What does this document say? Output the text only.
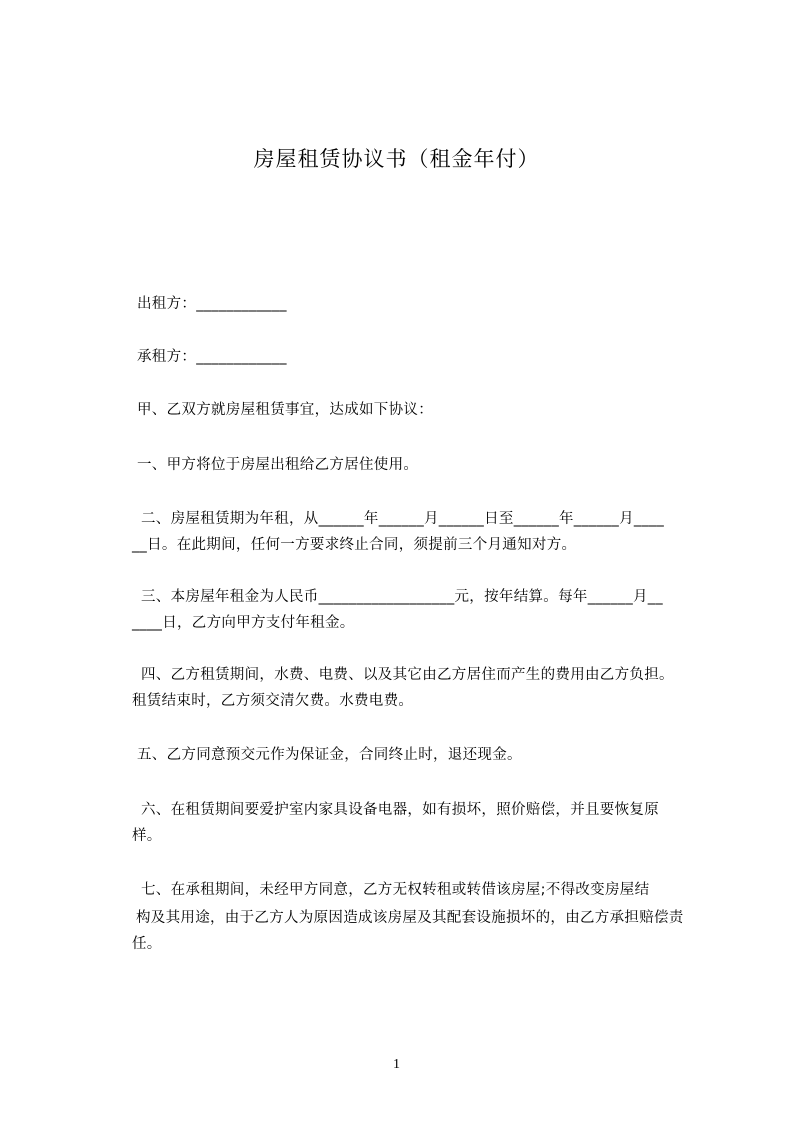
房屋租赁协议书（租金年付）
出租方：____________
承租方：____________
甲、乙双方就房屋租赁事宜，达成如下协议：
一、甲方将位于房屋出租给乙方居住使用。
二、房屋租赁期为年租，从______年______月______日至______年______月____
__日。在此期间，任何一方要求终止合同，须提前三个月通知对方。
三、本房屋年租金为人民币__________________元，按年结算。每年______月__
____日，乙方向甲方支付年租金。
四、乙方租赁期间，水费、电费、以及其它由乙方居住而产生的费用由乙方负担。
租赁结束时，乙方须交清欠费。水费电费。
五、乙方同意预交元作为保证金，合同终止时，退还现金。
六、在租赁期间要爱护室内家具设备电器，如有损坏，照价赔偿，并且要恢复原
样。
七、在承租期间，未经甲方同意，乙方无权转租或转借该房屋;不得改变房屋结
构及其用途，由于乙方人为原因造成该房屋及其配套设施损坏的，由乙方承担赔偿责
任。
1
